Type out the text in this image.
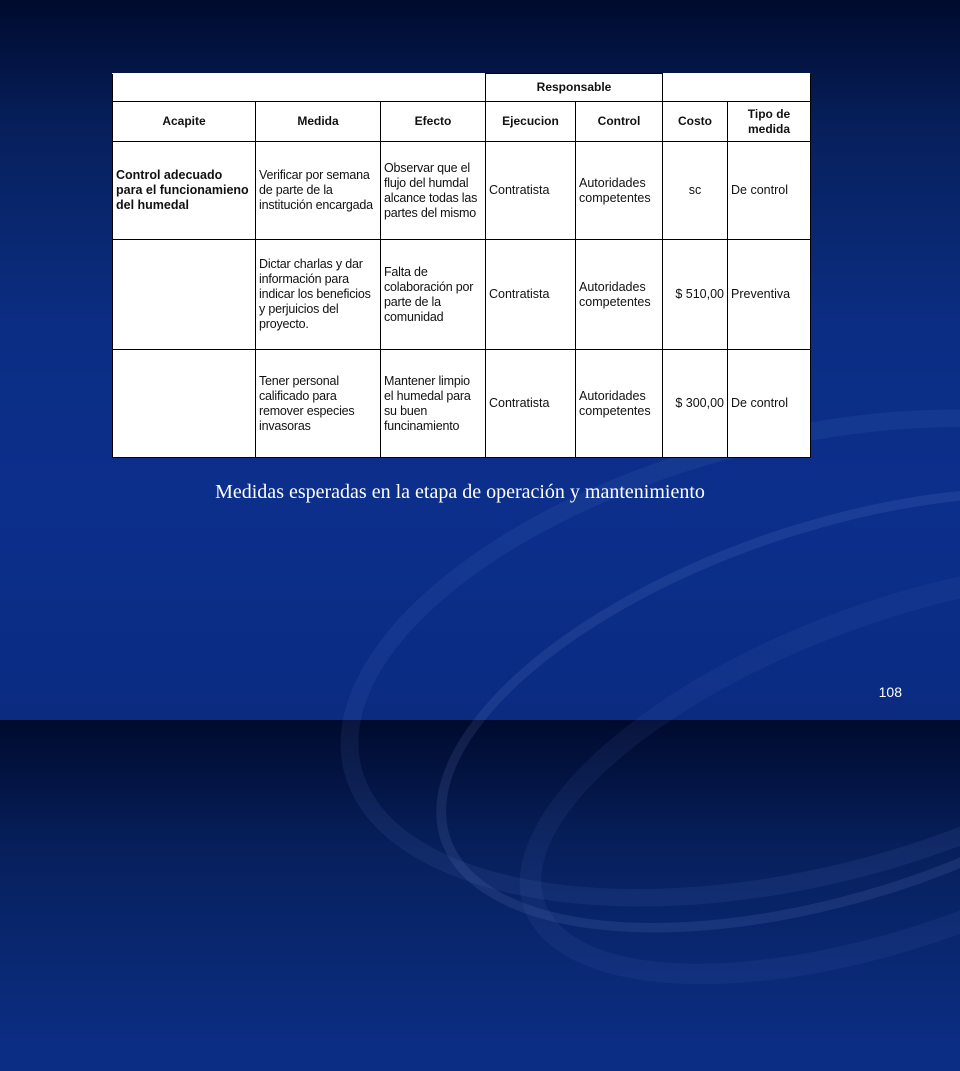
			Responsable			
Acapite	Medida	Efecto	Ejecucion	Control	Costo	Tipo de medida
Control adecuado para el funcionamieno del humedal	Verificar por semana de parte de la institución encargada	Observar que el flujo del humdal alcance todas las partes del mismo	Contratista	Autoridades competentes	sc	De control
	Dictar charlas y dar información para indicar los beneficios y perjuicios del proyecto.	Falta de colaboración por parte de la comunidad	Contratista	Autoridades competentes	$ 510,00	Preventiva
	Tener personal calificado para remover especies invasoras	Mantener limpio el humedal para su buen funcinamiento	Contratista	Autoridades competentes	$ 300,00	De control
Medidas esperadas en la etapa de operación y mantenimiento
108
